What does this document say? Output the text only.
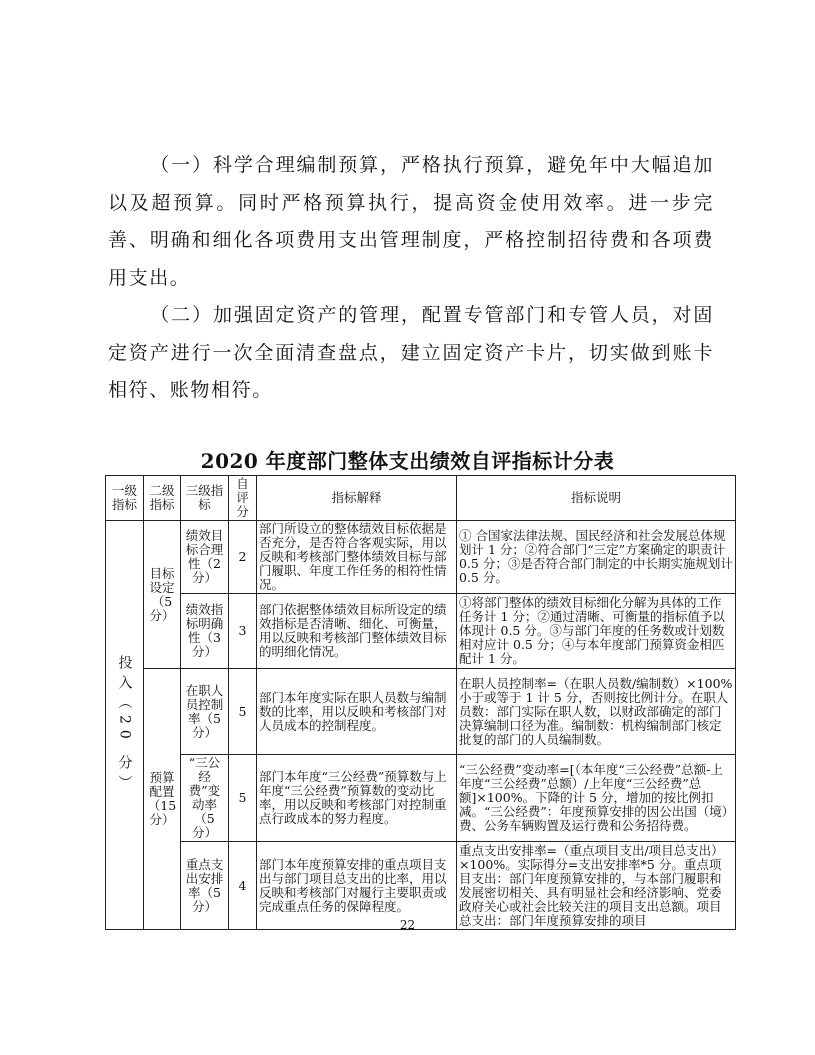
（一）科学合理编制预算，严格执行预算，避免年中大幅追加以及超预算。同时严格预算执行，提高资金使用效率。进一步完善、明确和细化各项费用支出管理制度，严格控制招待费和各项费用支出。

（二）加强固定资产的管理，配置专管部门和专管人员，对固定资产进行一次全面清查盘点，建立固定资产卡片，切实做到账卡相符、账物相符。

2020 年度部门整体支出绩效自评指标计分表
一级指标	二级指标	三级指标	自评分	指标解释	指标说明

投入（20 分）	目标设定（5 分）	绩效目标合理性（2 分）	2	部门所设立的整体绩效目标依据是否充分，是否符合客观实际，用以反映和考核部门整体绩效目标与部门履职、年度工作任务的相符性情况。	① 合国家法律法规、国民经济和社会发展总体规划计 1 分；②符合部门“三定”方案确定的职责计 0.5 分；③是否符合部门制定的中长期实施规划计 0.5 分。
		绩效指标明确性（3 分）	3	部门依据整体绩效目标所设定的绩效指标是否清晰、细化、可衡量，用以反映和考核部门整体绩效目标的明细化情况。	①将部门整体的绩效目标细化分解为具体的工作任务计 1 分；②通过清晰、可衡量的指标值予以体现计 0.5 分。③与部门年度的任务数或计划数相对应计 0.5 分；④与本年度部门预算资金相匹配计 1 分。
	预算配置（15 分）	在职人员控制率（5 分）	5	部门本年度实际在职人员数与编制数的比率，用以反映和考核部门对人员成本的控制程度。	在职人员控制率=（在职人员数/编制数）×100%小于或等于 1 计 5 分，否则按比例计分。在职人员数：部门实际在职人数，以财政部确定的部门决算编制口径为准。编制数：机构编制部门核定批复的部门的人员编制数。
		“三公经费”变动率（5 分）	5	部门本年度“三公经费”预算数与上年度“三公经费”预算数的变动比率，用以反映和考核部门对控制重点行政成本的努力程度。	“三公经费”变动率=[（本年度“三公经费”总额-上年度“三公经费”总额）/上年度“三公经费”总额]×100%。下降的计 5 分，增加的按比例扣减。“三公经费”：年度预算安排的因公出国（境）费、公务车辆购置及运行费和公务招待费。
		重点支出安排率（5 分）	4	部门本年度预算安排的重点项目支出与部门项目总支出的比率，用以反映和考核部门对履行主要职责或完成重点任务的保障程度。	重点支出安排率=（重点项目支出/项目总支出）×100%。实际得分=支出安排率*5 分。重点项目支出：部门年度预算安排的，与本部门履职和发展密切相关、具有明显社会和经济影响、党委政府关心或社会比较关注的项目支出总额。项目总支出：部门年度预算安排的项目
22
